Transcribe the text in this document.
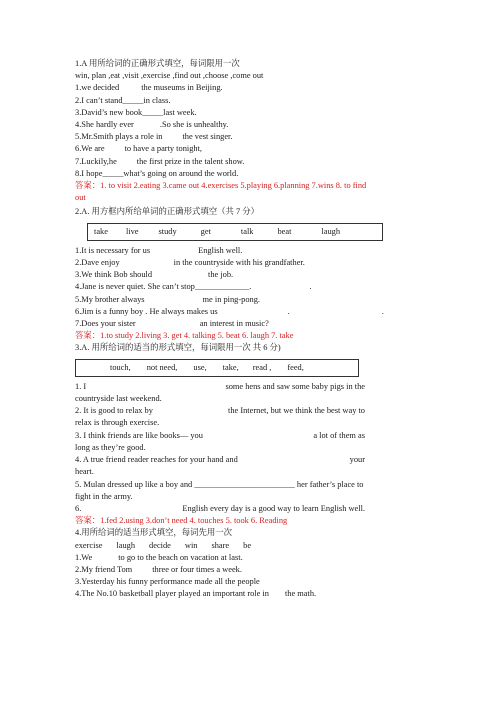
1.A 用所给词的正确形式填空，每词限用一次
win, plan ,eat ,visit ,exercise ,find out ,choose ,come out
1.we decided	the museums in Beijing.
2.I can’t stand_____in class.
3.David’s new book_____last week.
4.She hardly ever	.So she is unhealthy.
5.Mr.Smith plays a role in the vest singer.
6.We are to have a party tonight,
7.Luckily,he the first prize in the talent show.
8.I hope_____what’s going on around the world.
答案：1. to visit 2.eating 3.came out 4.exercises 5.playing 6.planning 7.wins 8. to find
out
2.A. 用方框内所给单词的正确形式填空（共 7 分）
take live study	get	talk	beat	laugh
1.It is necessary for us	English well.
2.Dave enjoy	in the countryside with his grandfather.
3.We think Bob should	the job.
4.Jane is never quiet. She can’t stop_____________.	.
5.My brother always	me in ping-pong.
6.Jim is a funny boy . He always makes us	.	.
7.Does your sister	an interest in music?
答案：1.to study 2.living 3. get 4. talking 5. beat 6. laugh 7. take
3.A. 用所给词的适当的形式填空，每词限用一次 共 6 分)
touch, not need, use, take, read , feed,
1. I	some hens and saw some baby pigs in the
countryside last weekend.
2. It is good to relax by	the Internet, but we think the best way to
relax is through exercise.
3. I think friends are like books— you	a lot of them as
long as they’re good.
4. A true friend reader reaches for your hand and	your
heart.
5. Mulan dressed up like a boy and ________________________ her father’s place to
fight in the army.
6.	English every day is a good way to learn English well.
答案：1.fed 2.using 3.don’t need 4. touches 5. took 6. Reading
4.用所给词的适当形式填空，每词先用一次
exercise laugh decide win share be
1.We	to go to the beach on vacation at last.
2.My friend Tom three or four times a week.
3.Yesterday his funny performance made all the people
4.The No.10 basketball player played an important role in the math.
